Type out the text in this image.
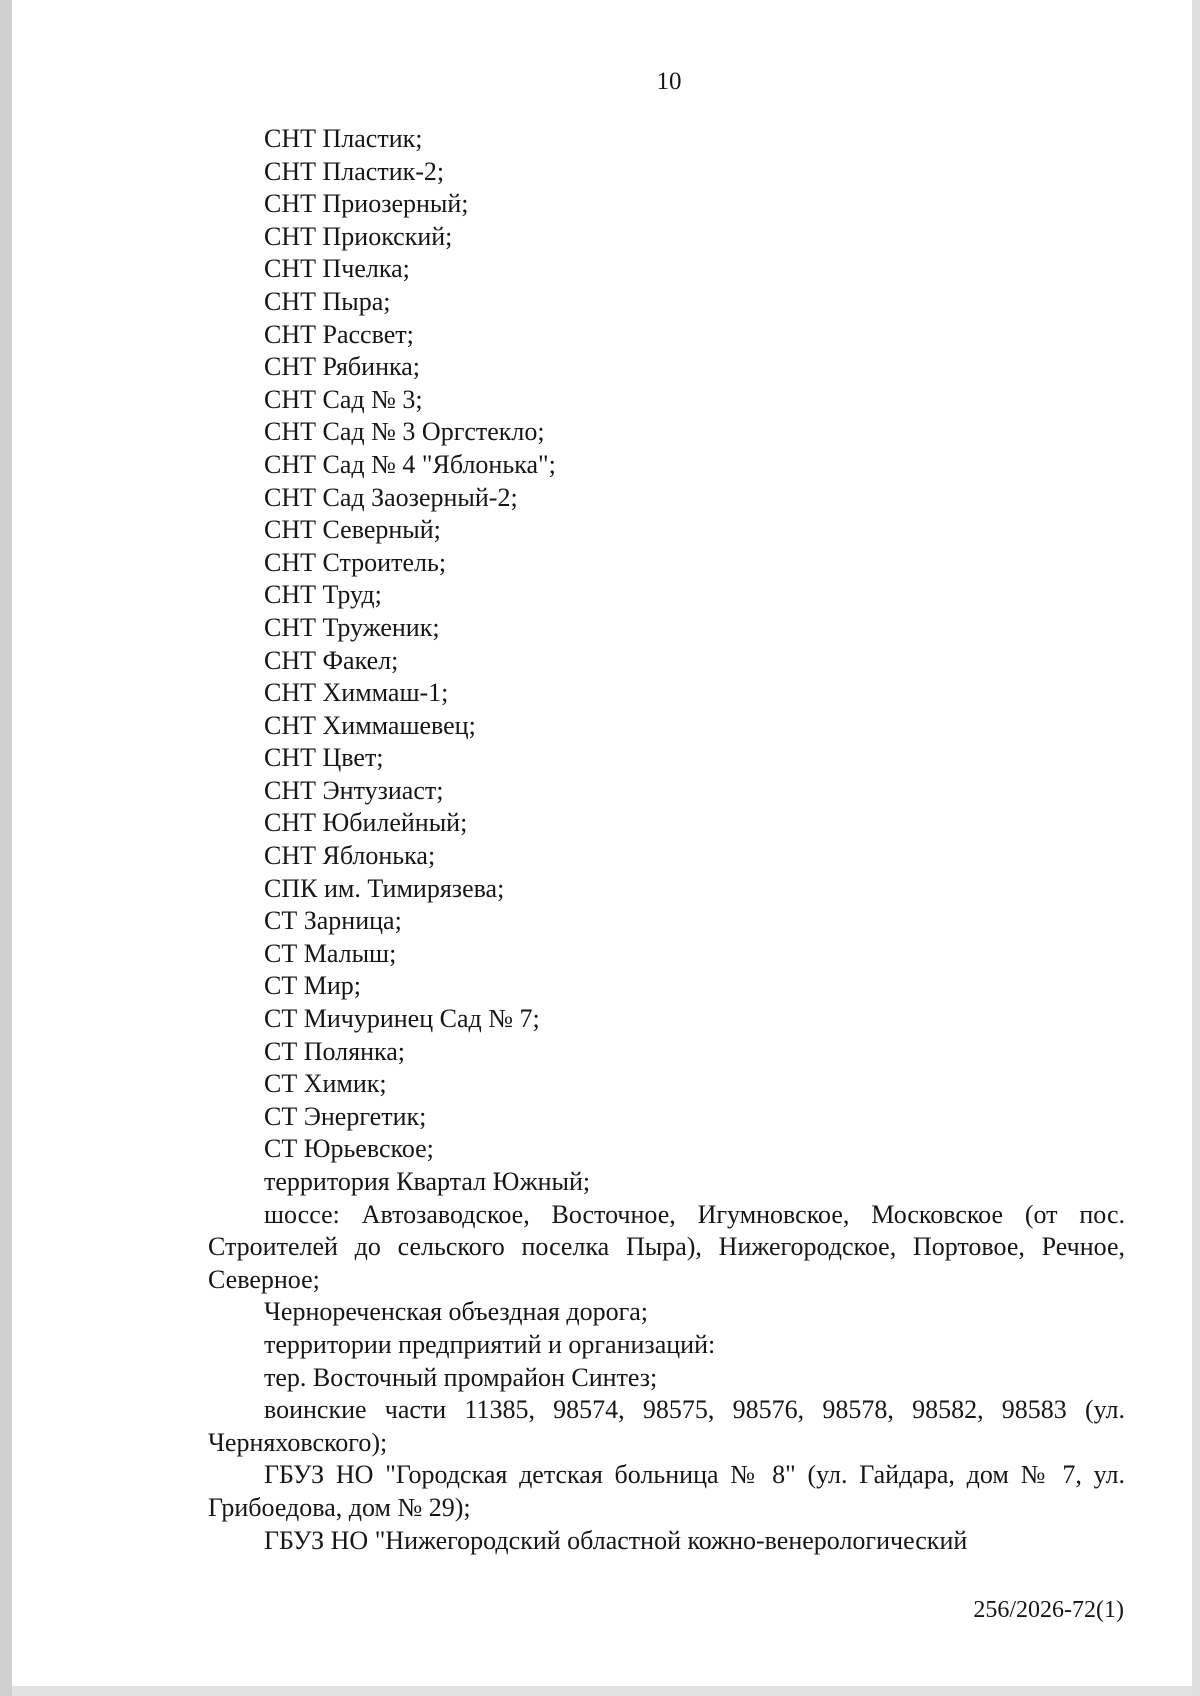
10

СНТ Пластик;

СНТ Пластик-2;

СНТ Приозерный;

СНТ Приокский;

СНТ Пчелка;

СНТ Пыра;

СНТ Рассвет;

СНТ Рябинка;

СНТ Сад № 3;

СНТ Сад № 3 Оргстекло;

СНТ Сад № 4 "Яблонька";

СНТ Сад Заозерный-2;

СНТ Северный;

СНТ Строитель;

СНТ Труд;

СНТ Труженик;

СНТ Факел;

СНТ Химмаш-1;

СНТ Химмашевец;

СНТ Цвет;

СНТ Энтузиаст;

СНТ Юбилейный;

СНТ Яблонька;

СПК им. Тимирязева;

СТ Зарница;

СТ Малыш;

СТ Мир;

СТ Мичуринец Сад № 7;

СТ Полянка;

СТ Химик;

СТ Энергетик;

СТ Юрьевское;

территория Квартал Южный;

шоссе: Автозаводское, Восточное, Игумновское, Московское (от пос. Строителей до сельского поселка Пыра), Нижегородское, Портовое, Речное, Северное;

Чернореченская объездная дорога;

территории предприятий и организаций:

тер. Восточный промрайон Синтез;

воинские части 11385, 98574, 98575, 98576, 98578, 98582, 98583 (ул. Черняховского);

ГБУЗ НО "Городская детская больница № 8" (ул. Гайдара, дом № 7, ул. Грибоедова, дом № 29);

ГБУЗ НО "Нижегородский областной кожно-венерологический

256/2026-72(1)
